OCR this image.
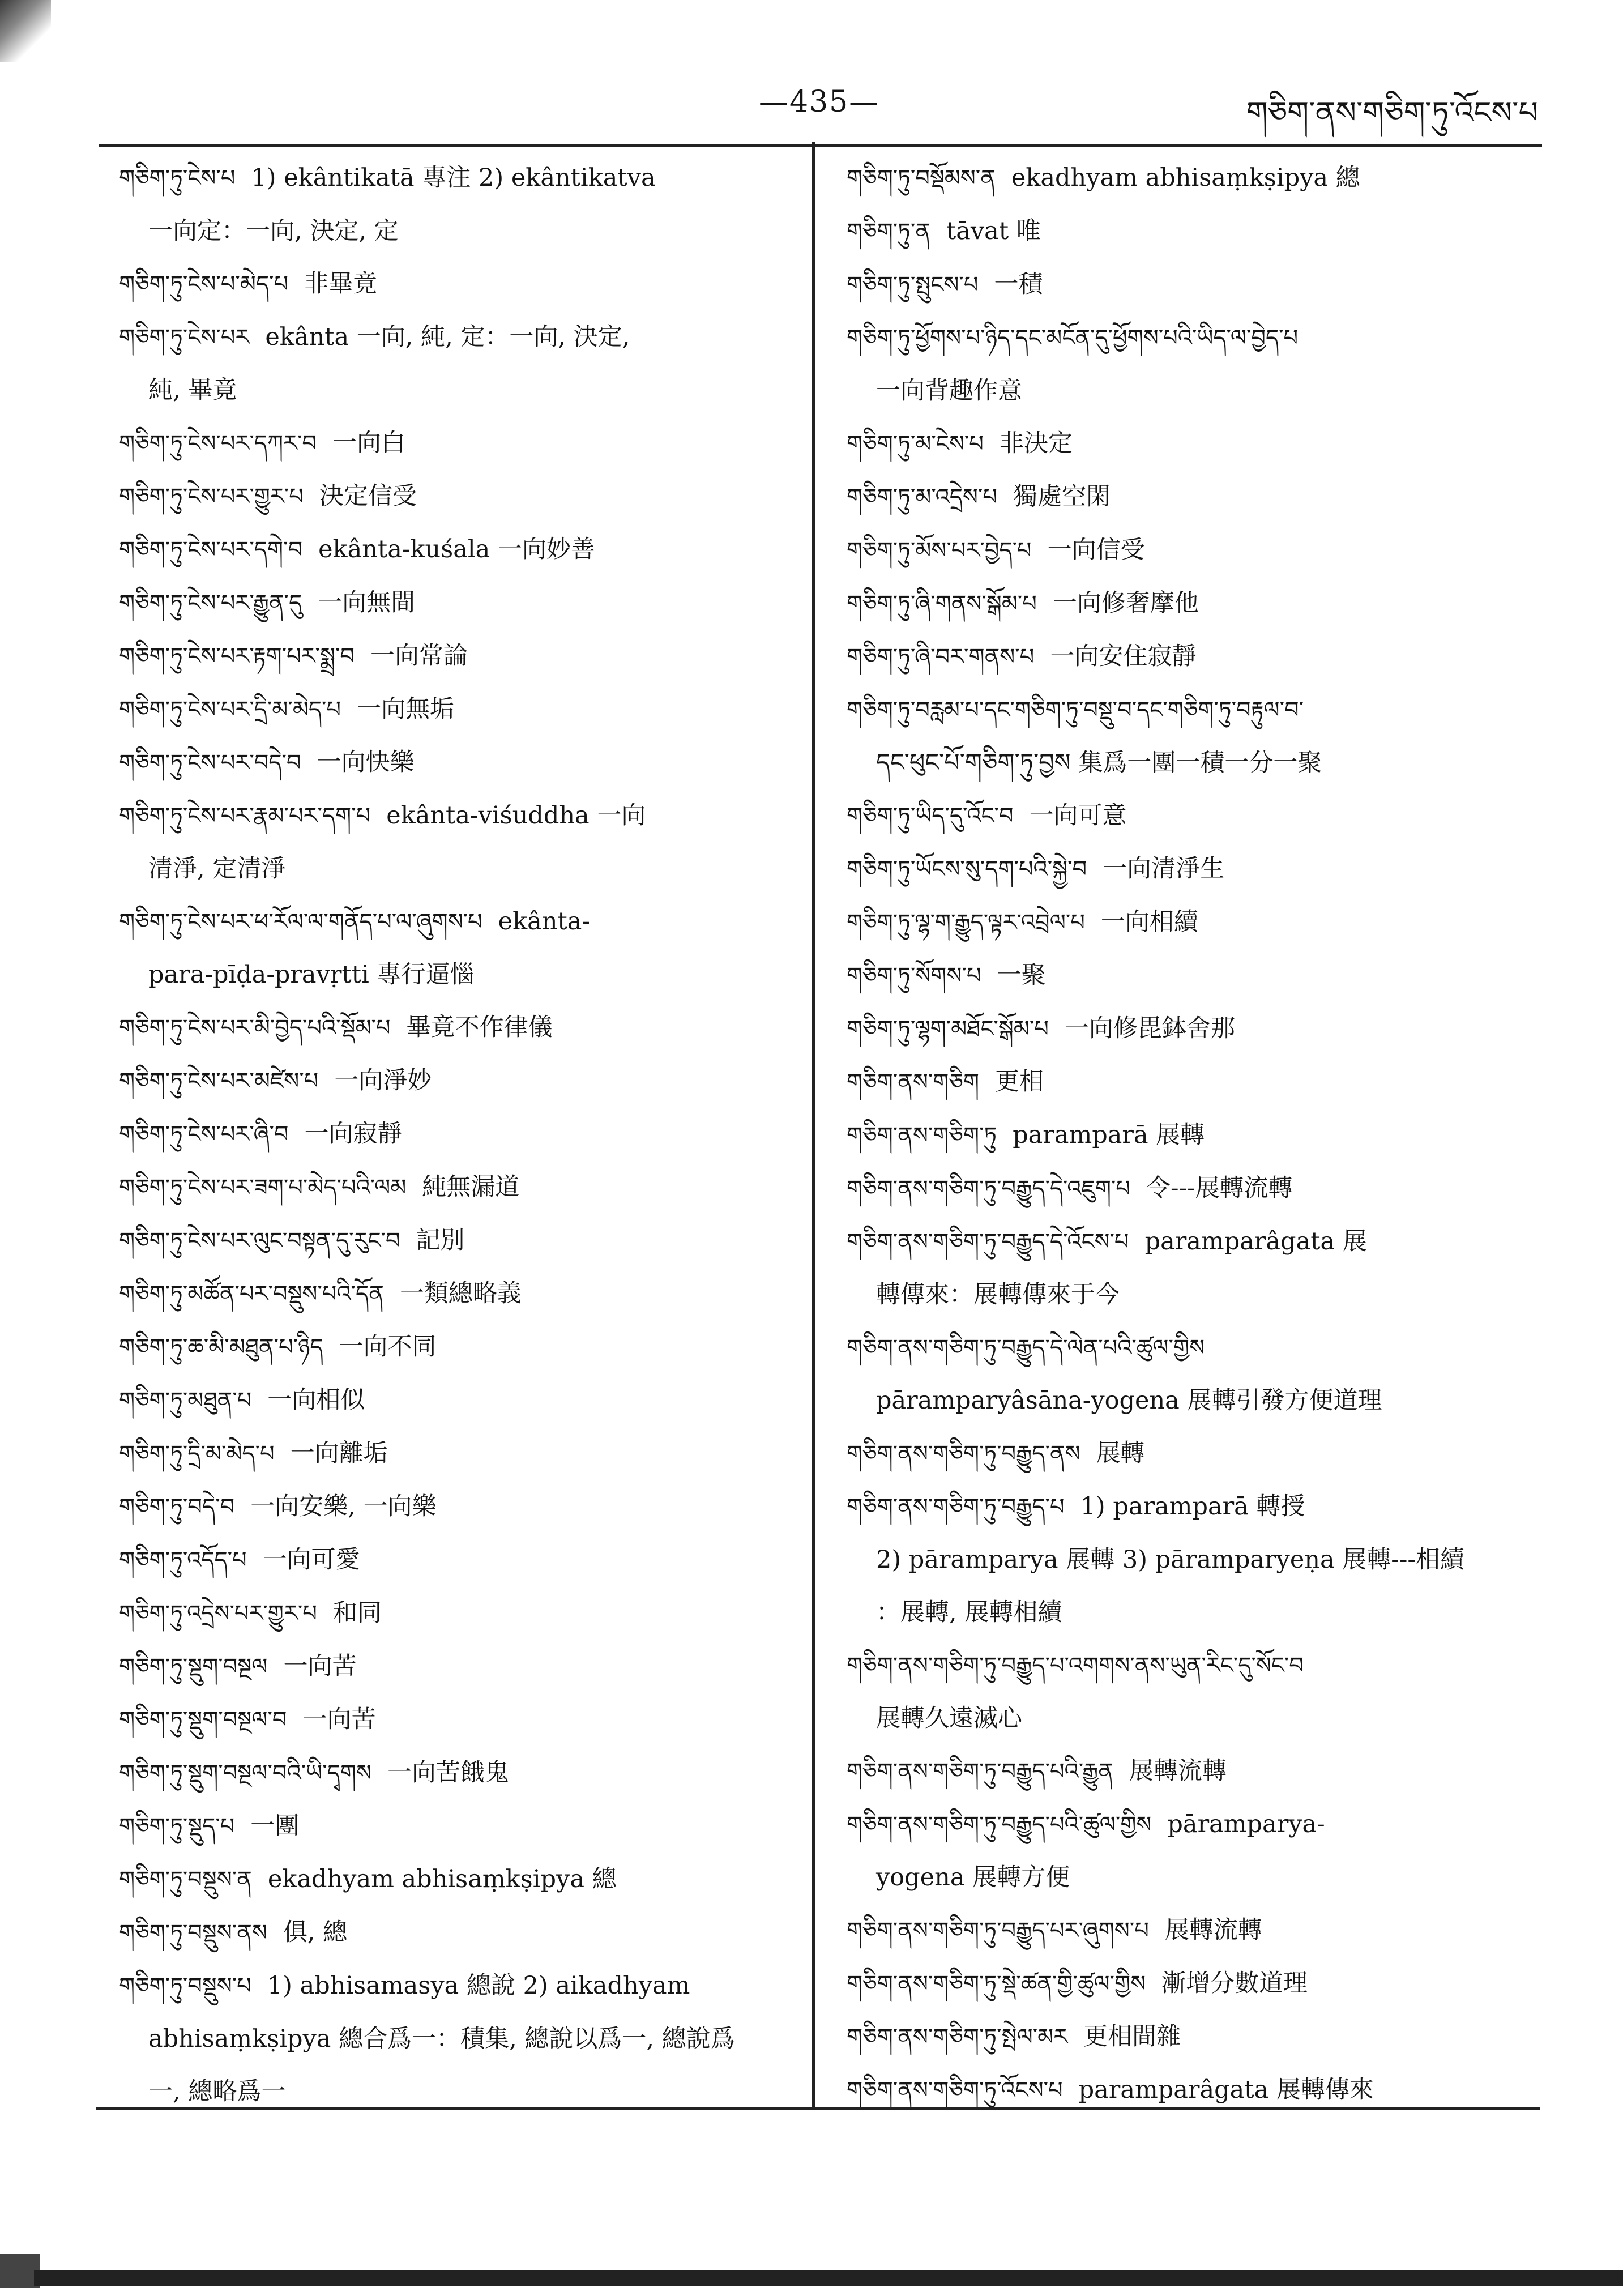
—435—	གཅིག་ནས་གཅིག་ཏུ་འོངས་པ
གཅིག་ཏུ་ངེས་པ 1) ekântikatā 專注 2) ekântikatva
一向定：一向, 決定, 定
གཅིག་ཏུ་ངེས་པ་མེད་པ 非畢竟
གཅིག་ཏུ་ངེས་པར ekânta 一向, 純, 定：一向, 決定,
純, 畢竟
གཅིག་ཏུ་ངེས་པར་དཀར་བ 一向白
གཅིག་ཏུ་ངེས་པར་གྱུར་པ 決定信受
གཅིག་ཏུ་ངེས་པར་དགེ་བ ekânta-kuśala 一向妙善
གཅིག་ཏུ་ངེས་པར་རྒྱུན་དུ 一向無間
གཅིག་ཏུ་ངེས་པར་རྟག་པར་སྨྲ་བ 一向常論
གཅིག་ཏུ་ངེས་པར་དྲི་མ་མེད་པ 一向無垢
གཅིག་ཏུ་ངེས་པར་བདེ་བ 一向快樂
གཅིག་ཏུ་ངེས་པར་རྣམ་པར་དག་པ ekânta-viśuddha 一向
清淨, 定清淨
གཅིག་ཏུ་ངེས་པར་ཕ་རོལ་ལ་གནོད་པ་ལ་ཞུགས་པ ekânta-
para-pīḍa-pravṛtti 專行逼惱
གཅིག་ཏུ་ངེས་པར་མི་བྱེད་པའི་སྡོམ་པ 畢竟不作律儀
གཅིག་ཏུ་ངེས་པར་མཛེས་པ 一向淨妙
གཅིག་ཏུ་ངེས་པར་ཞི་བ 一向寂靜
གཅིག་ཏུ་ངེས་པར་ཟག་པ་མེད་པའི་ལམ 純無漏道
གཅིག་ཏུ་ངེས་པར་ལུང་བསྟན་དུ་རུང་བ 記別
གཅིག་ཏུ་མཚོན་པར་བསྡུས་པའི་དོན 一類總略義
གཅིག་ཏུ་ཆ་མི་མཐུན་པ་ཉིད 一向不同
གཅིག་ཏུ་མཐུན་པ 一向相似
གཅིག་ཏུ་དྲི་མ་མེད་པ 一向離垢
གཅིག་ཏུ་བདེ་བ 一向安樂, 一向樂
གཅིག་ཏུ་འདོད་པ 一向可愛
གཅིག་ཏུ་འདྲེས་པར་གྱུར་པ 和同
གཅིག་ཏུ་སྡུག་བསྔལ 一向苦
གཅིག་ཏུ་སྡུག་བསྔལ་བ 一向苦
གཅིག་ཏུ་སྡུག་བསྔལ་བའི་ཡི་དྭགས 一向苦餓鬼
གཅིག་ཏུ་སྡུད་པ 一團
གཅིག་ཏུ་བསྡུས་ན ekadhyam abhisaṃkṣipya 總
གཅིག་ཏུ་བསྡུས་ནས 俱, 總
གཅིག་ཏུ་བསྡུས་པ 1) abhisamasya 總說 2) aikadhyam
abhisaṃkṣipya 總合爲一：積集, 總說以爲一, 總說爲
一, 總略爲一
གཅིག་ཏུ་བསྡོམས་ན ekadhyam abhisaṃkṣipya 總
གཅིག་ཏུ་ན tāvat 唯
གཅིག་ཏུ་སྤུངས་པ 一積
གཅིག་ཏུ་ཕྱོགས་པ་ཉིད་དང་མངོན་དུ་ཕྱོགས་པའི་ཡིད་ལ་བྱེད་པ
一向背趣作意
གཅིག་ཏུ་མ་ངེས་པ 非決定
གཅིག་ཏུ་མ་འདྲེས་པ 獨處空閑
གཅིག་ཏུ་མོས་པར་བྱེད་པ 一向信受
གཅིག་ཏུ་ཞི་གནས་སྒོམ་པ 一向修奢摩他
གཅིག་ཏུ་ཞི་བར་གནས་པ 一向安住寂靜
གཅིག་ཏུ་བརླམ་པ་དང་གཅིག་ཏུ་བསྡུ་བ་དང་གཅིག་ཏུ་བརྟུལ་བ་
དང་ཕུང་པོ་གཅིག་ཏུ་བྱས 集爲一團一積一分一聚
གཅིག་ཏུ་ཡིད་དུ་འོང་བ 一向可意
གཅིག་ཏུ་ཡོངས་སུ་དག་པའི་སྐྱེ་བ 一向清淨生
གཅིག་ཏུ་ལྷ་ག་རྒྱུད་ལྟར་འབྲེལ་པ 一向相續
གཅིག་ཏུ་སོགས་པ 一聚
གཅིག་ཏུ་ལྷག་མཐོང་སྒོམ་པ 一向修毘鉢舍那
གཅིག་ནས་གཅིག 更相
གཅིག་ནས་གཅིག་ཏུ paramparā 展轉
གཅིག་ནས་གཅིག་ཏུ་བརྒྱུད་དེ་འཇུག་པ 令---展轉流轉
གཅིག་ནས་གཅིག་ཏུ་བརྒྱུད་དེ་འོངས་པ paramparâgata 展
轉傳來：展轉傳來于今
གཅིག་ནས་གཅིག་ཏུ་བརྒྱུད་དེ་ལེན་པའི་ཚུལ་གྱིས
pāramparyâsāna-yogena 展轉引發方便道理
གཅིག་ནས་གཅིག་ཏུ་བརྒྱུད་ནས 展轉
གཅིག་ནས་གཅིག་ཏུ་བརྒྱུད་པ 1) paramparā 轉授
2) pāramparya 展轉 3) pāramparyeṇa 展轉---相續
：展轉, 展轉相續
གཅིག་ནས་གཅིག་ཏུ་བརྒྱུད་པ་འགགས་ནས་ཡུན་རིང་དུ་སོང་བ
展轉久遠滅心
གཅིག་ནས་གཅིག་ཏུ་བརྒྱུད་པའི་རྒྱུན 展轉流轉
གཅིག་ནས་གཅིག་ཏུ་བརྒྱུད་པའི་ཚུལ་གྱིས pāramparya-
yogena 展轉方便
གཅིག་ནས་གཅིག་ཏུ་བརྒྱུད་པར་ཞུགས་པ 展轉流轉
གཅིག་ནས་གཅིག་ཏུ་སྡེ་ཚན་གྱི་ཚུལ་གྱིས 漸增分數道理
གཅིག་ནས་གཅིག་ཏུ་སྤེལ་མར 更相間雜
གཅིག་ནས་གཅིག་ཏུ་འོངས་པ paramparâgata 展轉傳來
